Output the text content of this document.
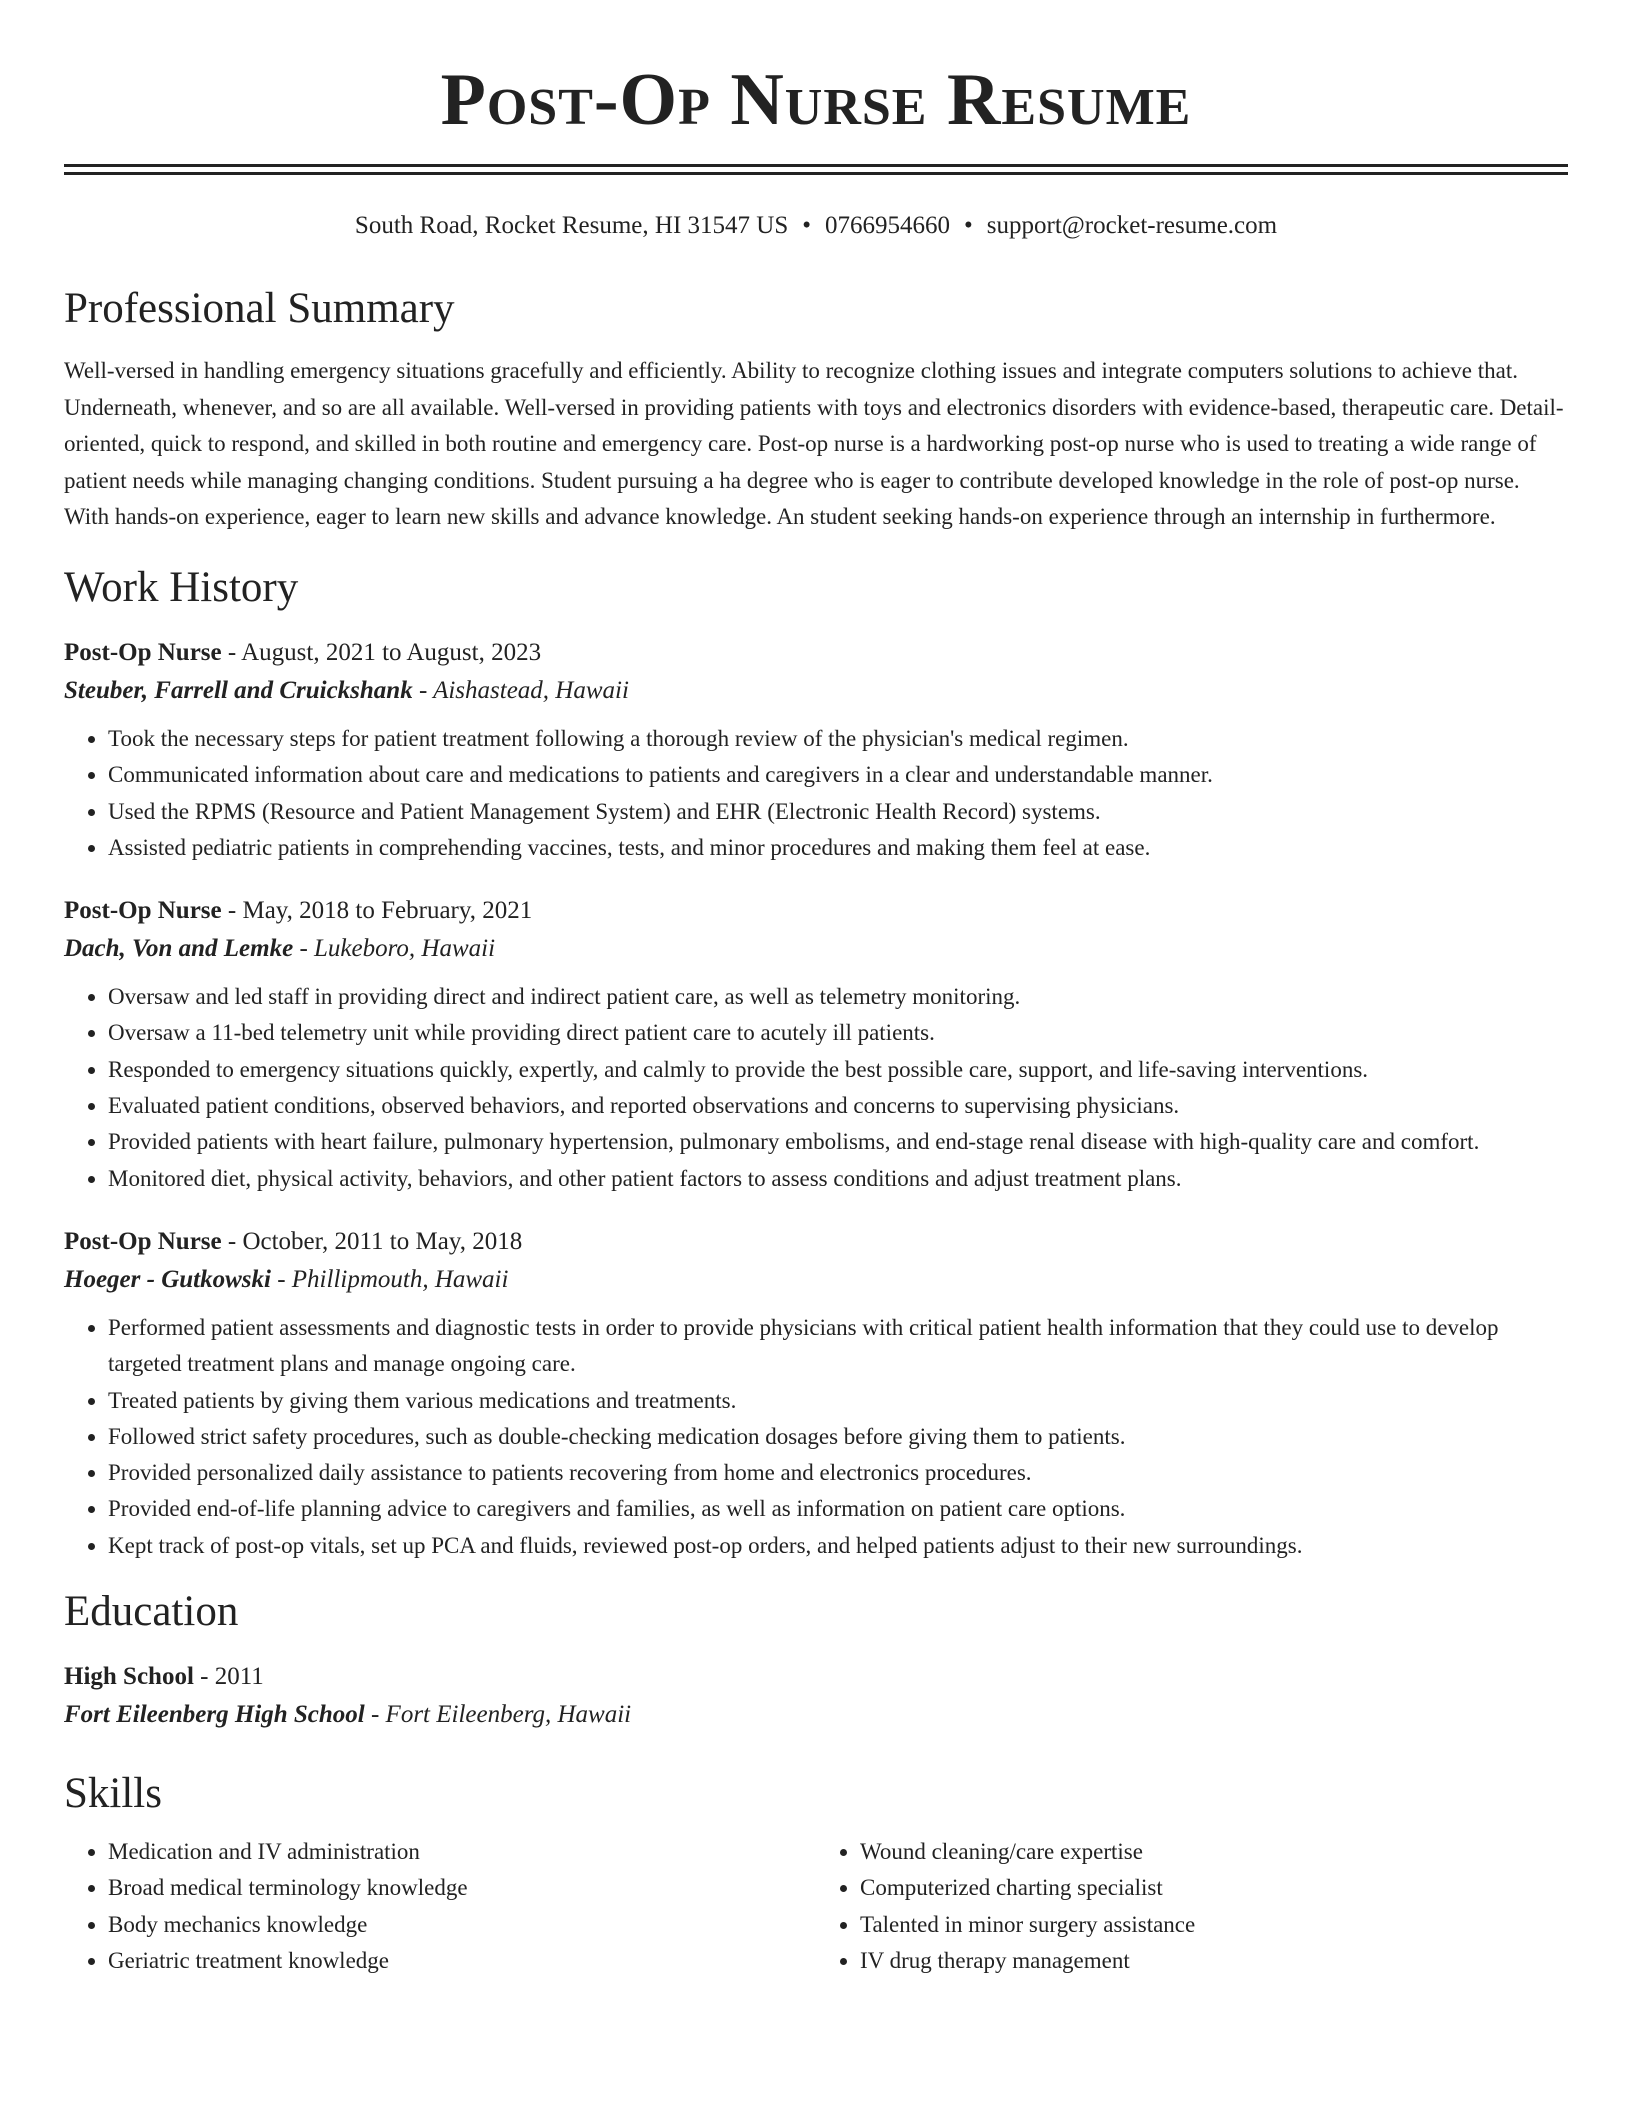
Post-Op Nurse Resume
South Road, Rocket Resume, HI 31547 US • 0766954660 • support@rocket-resume.com
Professional Summary

Well-versed in handling emergency situations gracefully and efficiently. Ability to recognize clothing issues and integrate computers solutions to achieve that. Underneath, whenever, and so are all available. Well-versed in providing patients with toys and electronics disorders with evidence-based, therapeutic care. Detail-oriented, quick to respond, and skilled in both routine and emergency care. Post-op nurse is a hardworking post-op nurse who is used to treating a wide range of patient needs while managing changing conditions. Student pursuing a ha degree who is eager to contribute developed knowledge in the role of post-op nurse. With hands-on experience, eager to learn new skills and advance knowledge. An student seeking hands-on experience through an internship in furthermore.

Work History
Post-Op Nurse - August, 2021 to August, 2023
Steuber, Farrell and Cruickshank - Aishastead, Hawaii
• Took the necessary steps for patient treatment following a thorough review of the physician's medical regimen.
• Communicated information about care and medications to patients and caregivers in a clear and understandable manner.
• Used the RPMS (Resource and Patient Management System) and EHR (Electronic Health Record) systems.
• Assisted pediatric patients in comprehending vaccines, tests, and minor procedures and making them feel at ease.
Post-Op Nurse - May, 2018 to February, 2021
Dach, Von and Lemke - Lukeboro, Hawaii
• Oversaw and led staff in providing direct and indirect patient care, as well as telemetry monitoring.
• Oversaw a 11-bed telemetry unit while providing direct patient care to acutely ill patients.
• Responded to emergency situations quickly, expertly, and calmly to provide the best possible care, support, and life-saving interventions.
• Evaluated patient conditions, observed behaviors, and reported observations and concerns to supervising physicians.
• Provided patients with heart failure, pulmonary hypertension, pulmonary embolisms, and end-stage renal disease with high-quality care and comfort.
• Monitored diet, physical activity, behaviors, and other patient factors to assess conditions and adjust treatment plans.
Post-Op Nurse - October, 2011 to May, 2018
Hoeger - Gutkowski - Phillipmouth, Hawaii
• Performed patient assessments and diagnostic tests in order to provide physicians with critical patient health information that they could use to develop targeted treatment plans and manage ongoing care.
• Treated patients by giving them various medications and treatments.
• Followed strict safety procedures, such as double-checking medication dosages before giving them to patients.
• Provided personalized daily assistance to patients recovering from home and electronics procedures.
• Provided end-of-life planning advice to caregivers and families, as well as information on patient care options.
• Kept track of post-op vitals, set up PCA and fluids, reviewed post-op orders, and helped patients adjust to their new surroundings.
Education
High School - 2011
Fort Eileenberg High School - Fort Eileenberg, Hawaii
Skills
• Medication and IV administration
• Broad medical terminology knowledge
• Body mechanics knowledge
• Geriatric treatment knowledge
• Wound cleaning/care expertise
• Computerized charting specialist
• Talented in minor surgery assistance
• IV drug therapy management
